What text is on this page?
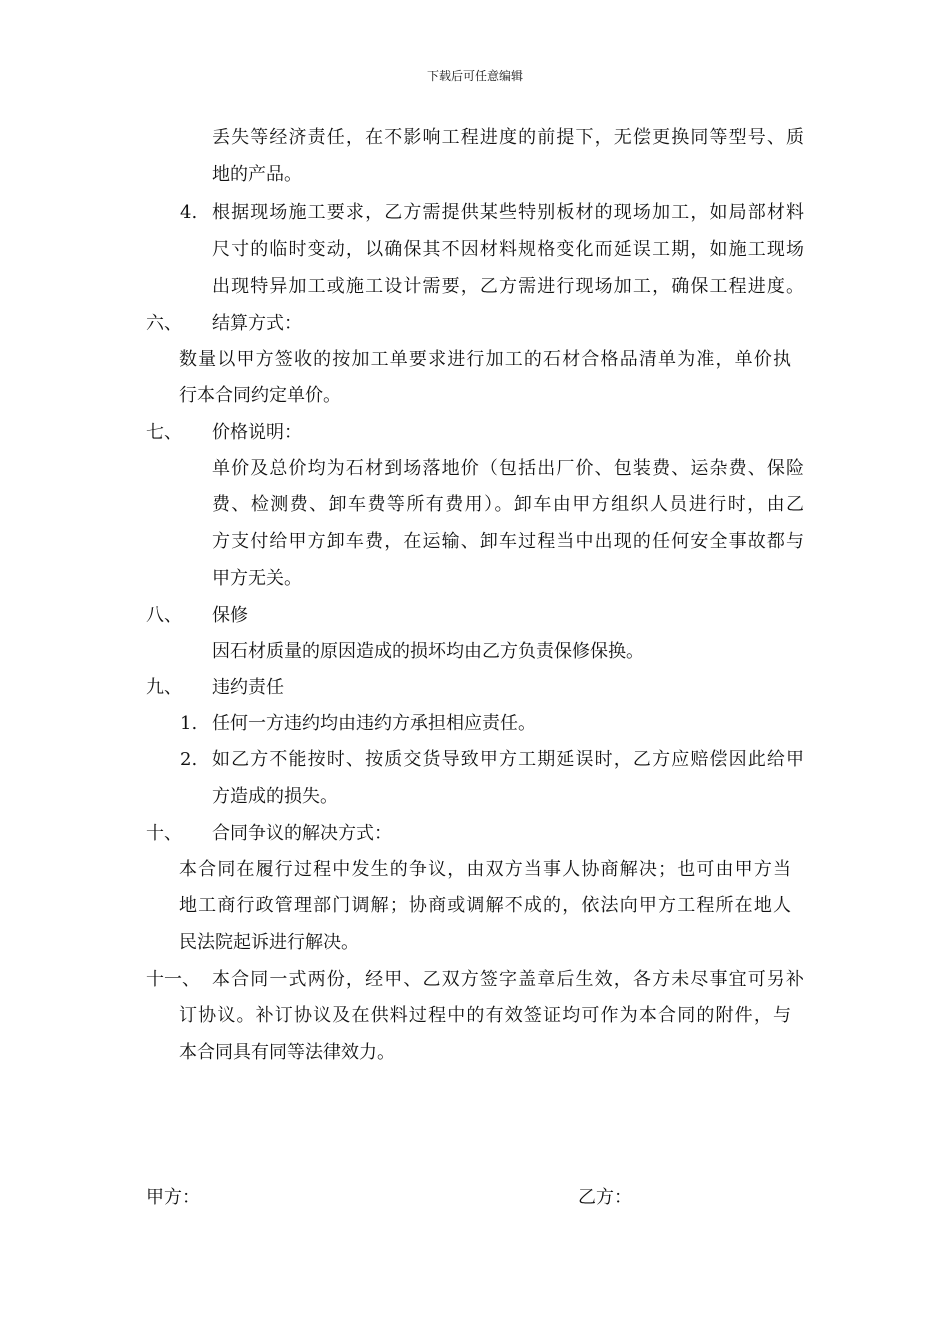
下载后可任意编辑
丢失等经济责任，在不影响工程进度的前提下，无偿更换同等型号、质
地的产品。
4. 根据现场施工要求，乙方需提供某些特别板材的现场加工，如局部材料
尺寸的临时变动，以确保其不因材料规格变化而延误工期，如施工现场
出现特异加工或施工设计需要，乙方需进行现场加工，确保工程进度。
六、 结算方式：
数量以甲方签收的按加工单要求进行加工的石材合格品清单为准，单价执
行本合同约定单价。
七、 价格说明：
单价及总价均为石材到场落地价（包括出厂价、包装费、运杂费、保险
费、检测费、卸车费等所有费用）。卸车由甲方组织人员进行时，由乙
方支付给甲方卸车费，在运输、卸车过程当中出现的任何安全事故都与
甲方无关。
八、 保修
因石材质量的原因造成的损坏均由乙方负责保修保换。
九、 违约责任
1. 任何一方违约均由违约方承担相应责任。
2. 如乙方不能按时、按质交货导致甲方工期延误时，乙方应赔偿因此给甲
方造成的损失。
十、 合同争议的解决方式：
本合同在履行过程中发生的争议，由双方当事人协商解决；也可由甲方当
地工商行政管理部门调解；协商或调解不成的，依法向甲方工程所在地人
民法院起诉进行解决。
十一、 本合同一式两份，经甲、乙双方签字盖章后生效，各方未尽事宜可另补
订协议。补订协议及在供料过程中的有效签证均可作为本合同的附件，与
本合同具有同等法律效力。
甲方：	乙方：
